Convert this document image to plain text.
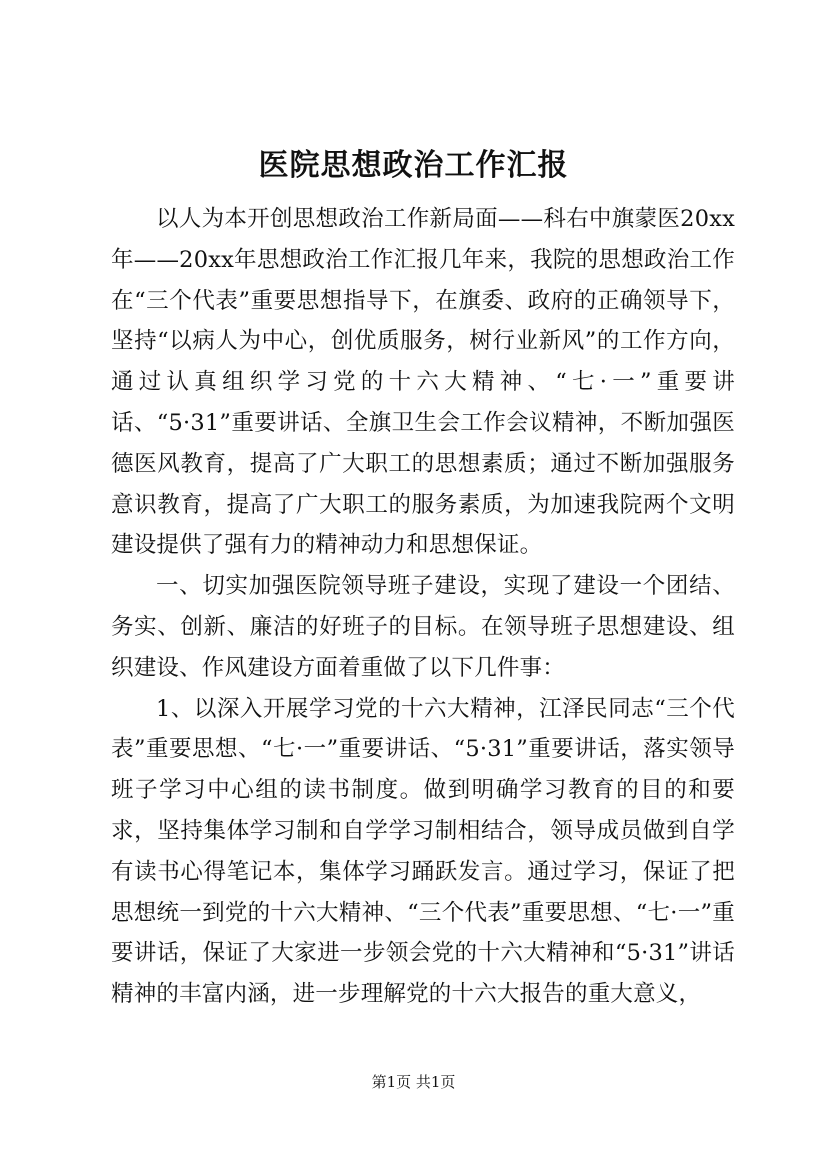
医院思想政治工作汇报

以人为本开创思想政治工作新局面——科右中旗蒙医20xx年——20xx年思想政治工作汇报几年来，我院的思想政治工作在“三个代表”重要思想指导下，在旗委、政府的正确领导下，坚持“以病人为中心，创优质服务，树行业新风”的工作方向，通过认真组织学习党的十六大精神、“七·一”重要讲话、“5·31”重要讲话、全旗卫生会工作会议精神，不断加强医德医风教育，提高了广大职工的思想素质；通过不断加强服务意识教育，提高了广大职工的服务素质，为加速我院两个文明建设提供了强有力的精神动力和思想保证。

一、切实加强医院领导班子建设，实现了建设一个团结、务实、创新、廉洁的好班子的目标。在领导班子思想建设、组织建设、作风建设方面着重做了以下几件事：

1、以深入开展学习党的十六大精神，江泽民同志“三个代表”重要思想、“七·一”重要讲话、“5·31”重要讲话，落实领导班子学习中心组的读书制度。做到明确学习教育的目的和要求，坚持集体学习制和自学学习制相结合，领导成员做到自学有读书心得笔记本，集体学习踊跃发言。通过学习，保证了把思想统一到党的十六大精神、“三个代表”重要思想、“七·一”重要讲话，保证了大家进一步领会党的十六大精神和“5·31”讲话精神的丰富内涵，进一步理解党的十六大报告的重大意义，

第1页 共1页
